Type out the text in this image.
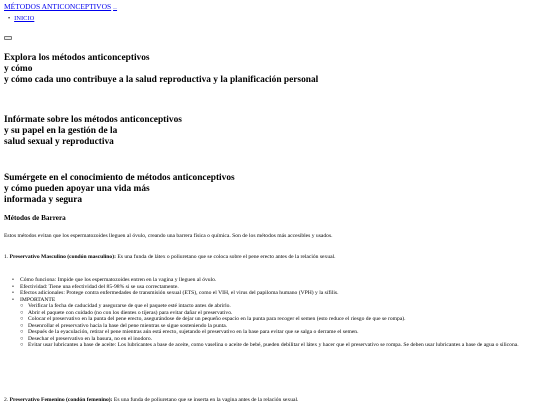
MÉTODOS ANTICONCEPTIVOS —
• INICIO
Explora los métodos anticonceptivos
y cómo
y cómo cada uno contribuye a la salud reproductiva y la planificación personal
Infórmate sobre los métodos anticonceptivos
y su papel en la gestión de la
salud sexual y reproductiva
Sumérgete en el conocimiento de métodos anticonceptivos
y cómo pueden apoyar una vida más
informada y segura
Métodos de Barrera

Estos métodos evitan que los espermatozoides lleguen al óvulo, creando una barrera física o química. Son de los métodos más accesibles y usados.

1. Preservativo Masculino (condón masculino): Es una funda de látex o poliuretano que se coloca sobre el pene erecto antes de la relación sexual.

•	Cómo funciona: Impide que los espermatozoides entren en la vagina y lleguen al óvulo.
•	Efectividad: Tiene una efectividad del 85-98% si se usa correctamente.
•	Efectos adicionales: Protege contra enfermedades de transmisión sexual (ETS), como el VIH, el virus del papiloma humano (VPH) y la sífilis.
•	IMPORTANTE
○ Verificar la fecha de caducidad y asegurarse de que el paquete esté intacto antes de abrirlo.
○ Abrir el paquete con cuidado (no con los dientes o tijeras) para evitar dañar el preservativo.
○ Colocar el preservativo en la punta del pene erecto, asegurándose de dejar un pequeño espacio en la punta para recoger el semen (esto reduce el riesgo de que se rompa).
○ Desenrollar el preservativo hacia la base del pene mientras se sigue sosteniendo la punta.
○ Después de la eyaculación, retirar el pene mientras aún está erecto, sujetando el preservativo en la base para evitar que se salga o derrame el semen.
○ Desechar el preservativo en la basura, no en el inodoro.
○ Evitar usar lubricantes a base de aceite: Los lubricantes a base de aceite, como vaselina o aceite de bebé, pueden debilitar el látex y hacer que el preservativo se rompa. Se deben usar lubricantes a base de agua o silicona.

2. Preservativo Femenino (condón femenino): Es una funda de poliuretano que se inserta en la vagina antes de la relación sexual.
